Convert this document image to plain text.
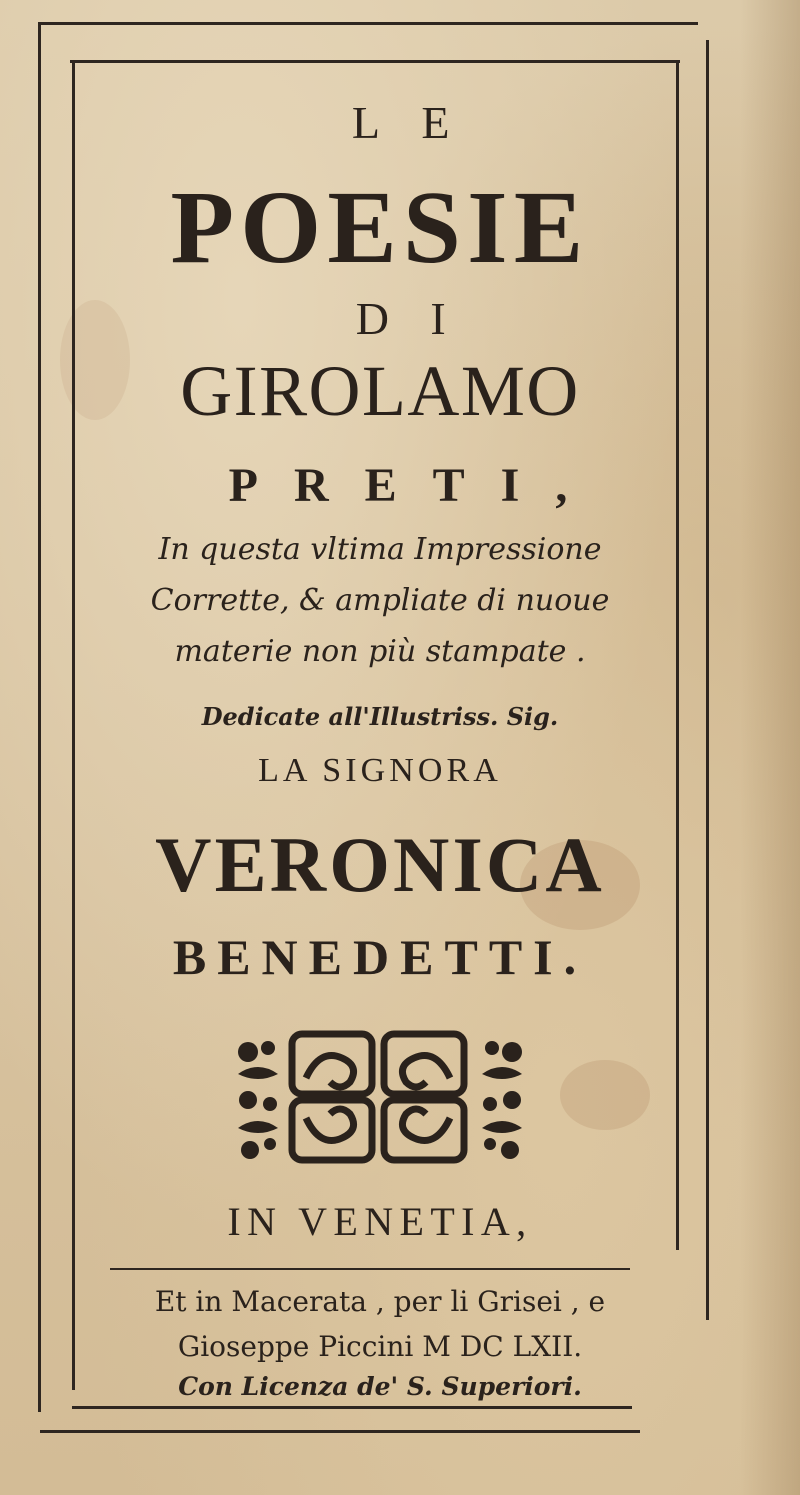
LE
POESIE
DI
GIROLAMO
PRETI,
In questa vltima Impressione
Corrette, & ampliate di nuoue
materie non più stampate .
Dedicate all'Illustriss. Sig.
LA SIGNORA
VERONICA
BENEDETTI.
IN VENETIA,
Et in Macerata , per li Grisei , e
Gioseppe Piccini M DC LXII.
Con Licenza de' S. Superiori.
